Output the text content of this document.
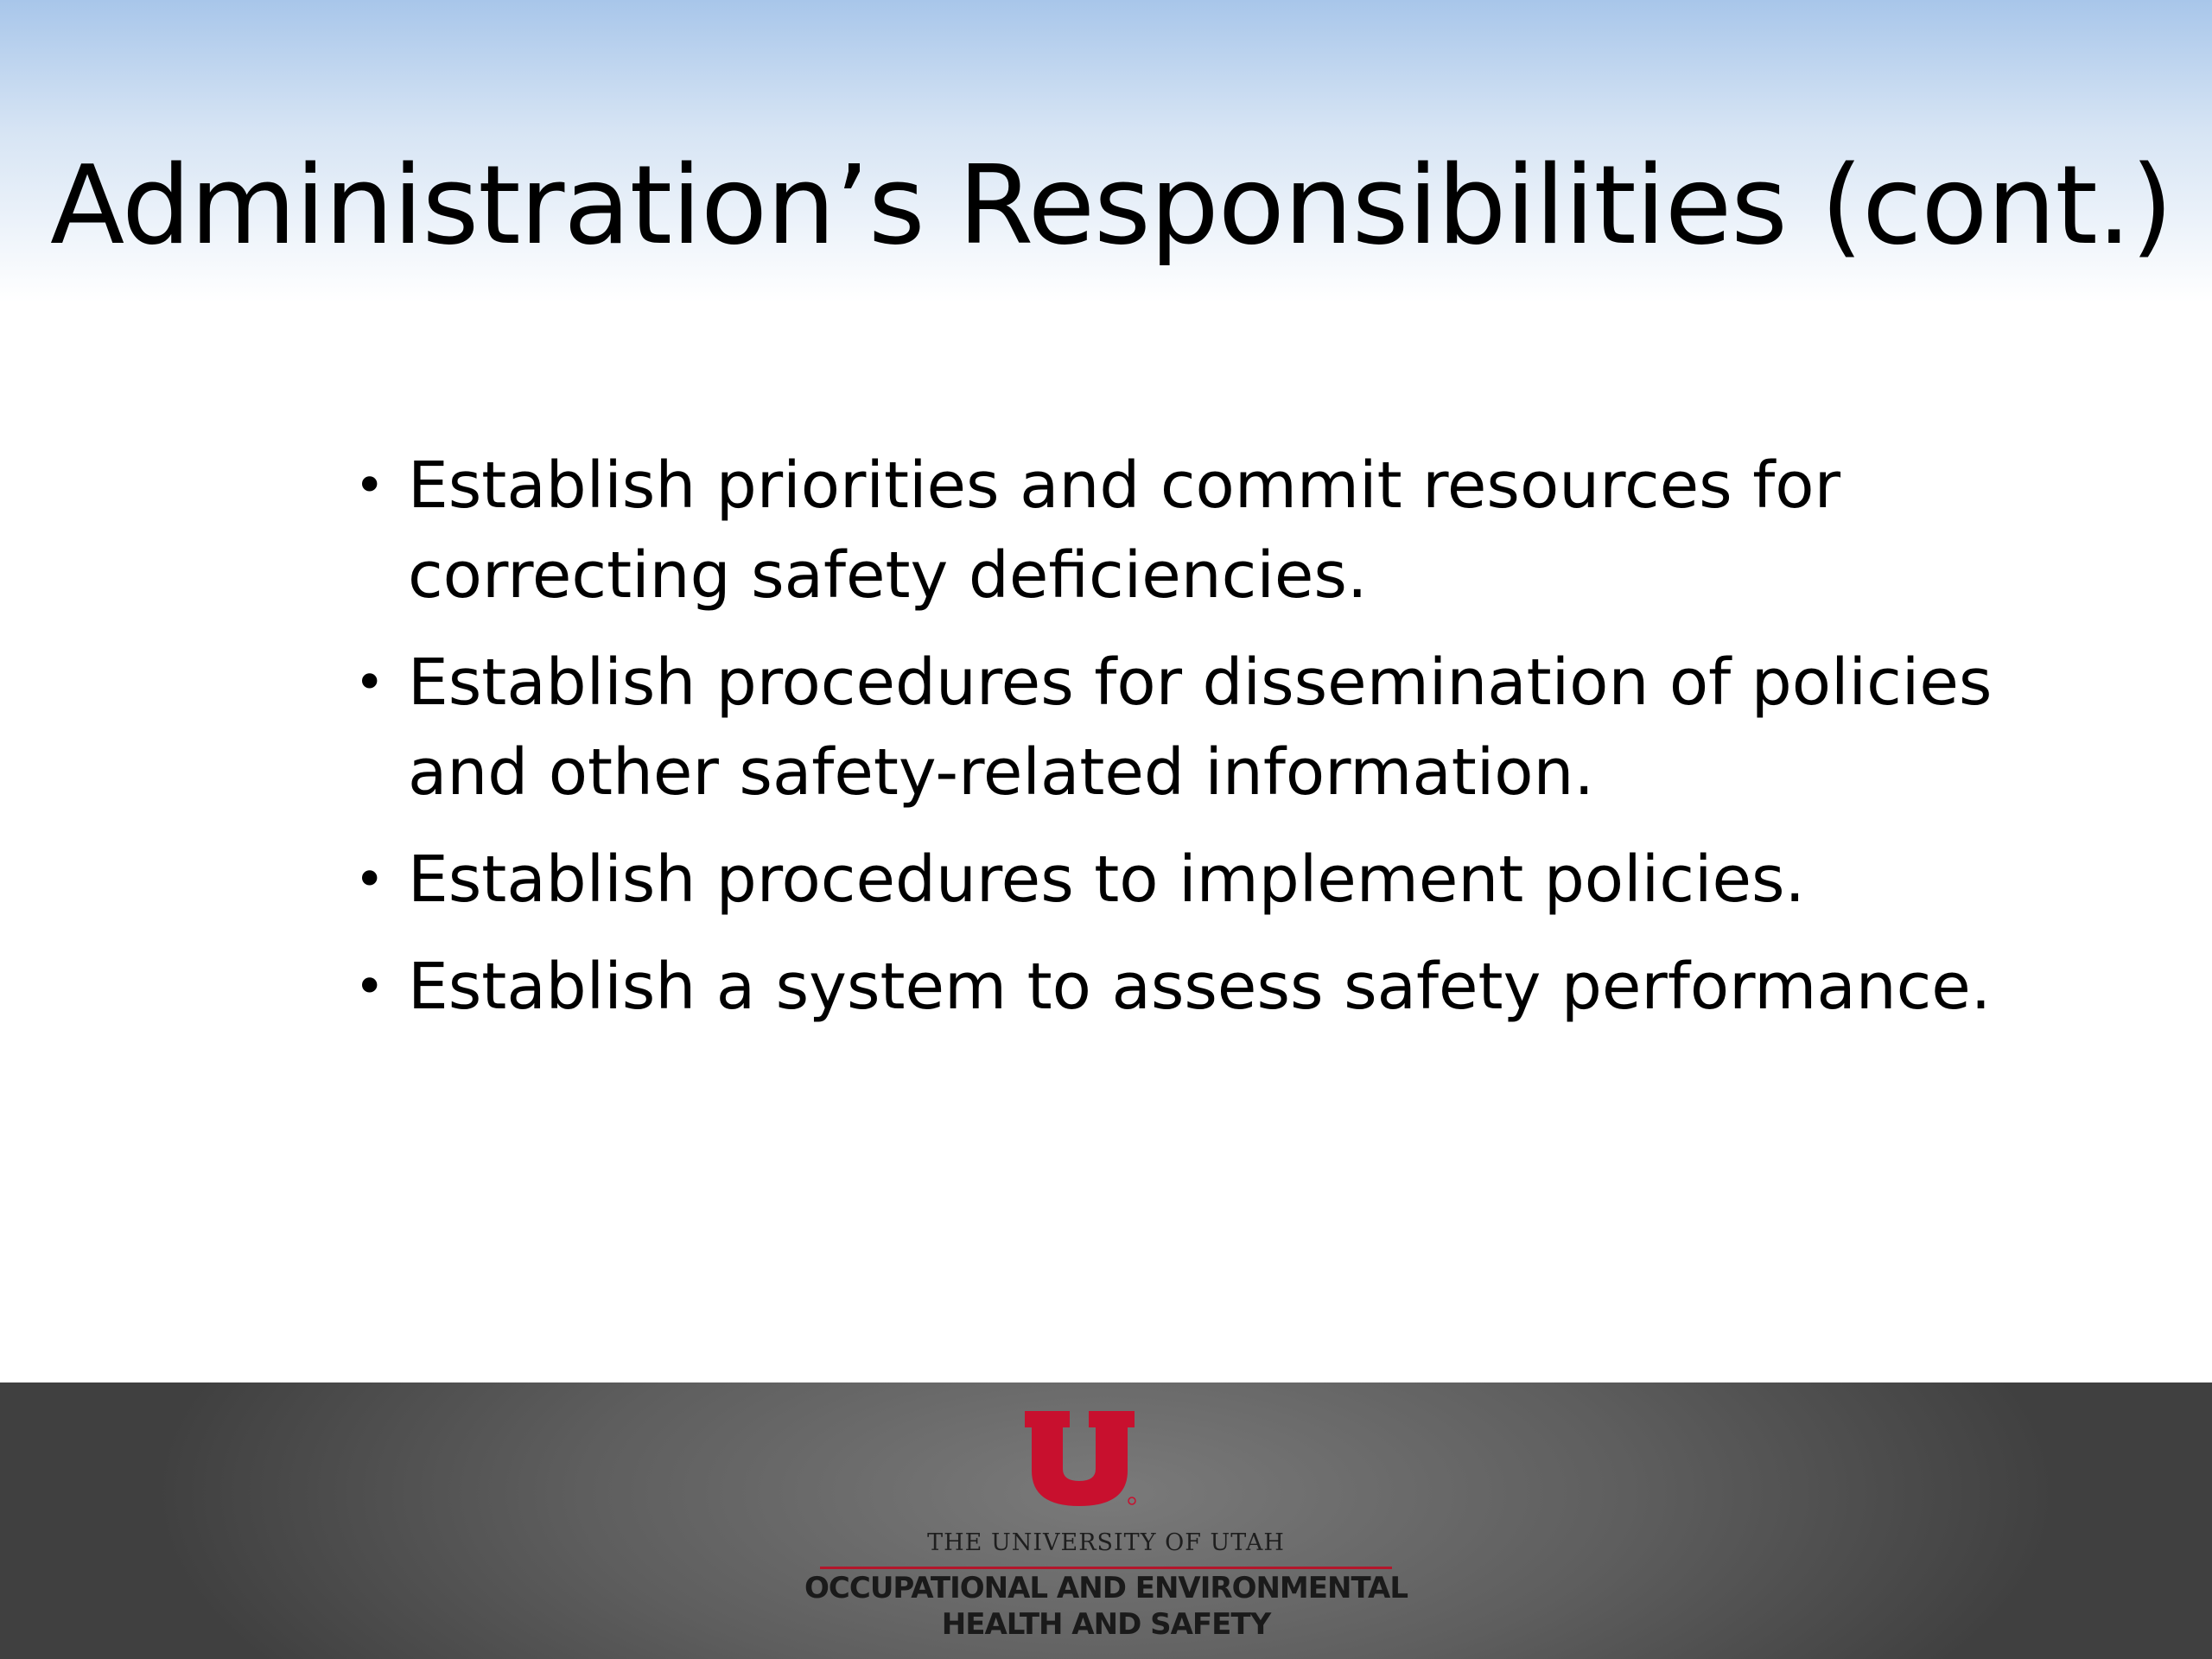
Administration’s Responsibilities (cont.)
• Establish priorities and commit resources for correcting safety deficiencies.
• Establish procedures for dissemination of policies and other safety-related information.
• Establish procedures to implement policies.
• Establish a system to assess safety performance.
THE UNIVERSITY OF UTAH
OCCUPATIONAL AND ENVIRONMENTAL
HEALTH AND SAFETY
